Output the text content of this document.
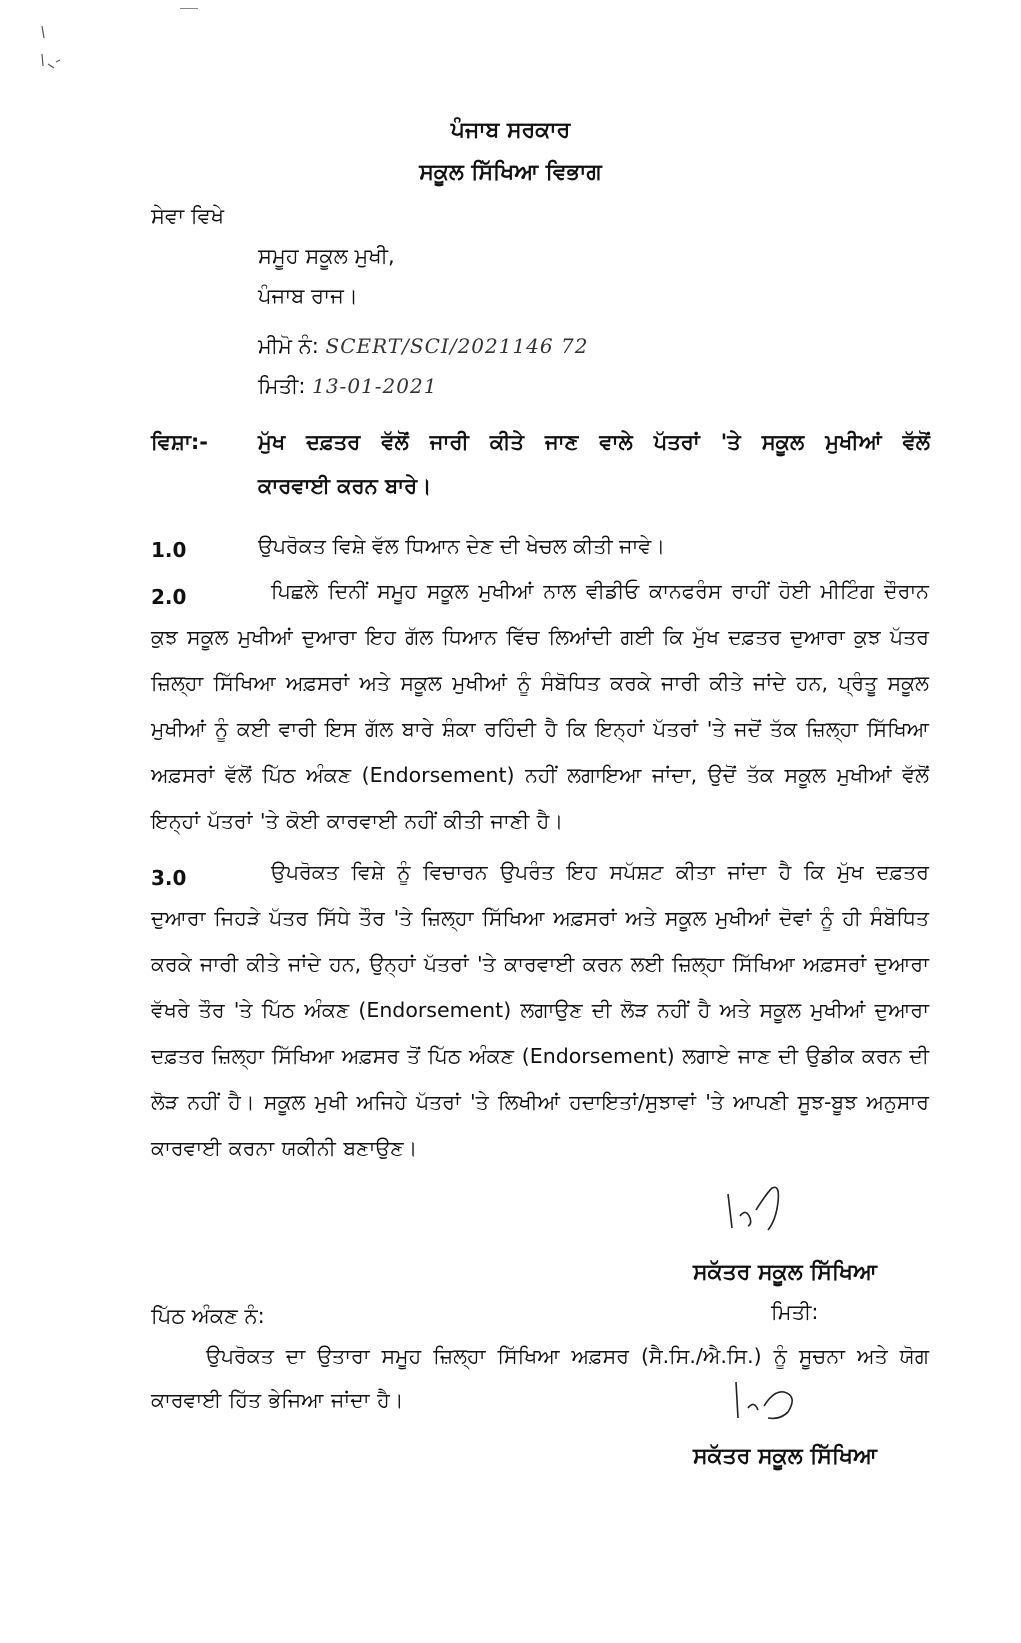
ਪੰਜਾਬ ਸਰਕਾਰ
ਸਕੂਲ ਸਿੱਖਿਆ ਵਿਭਾਗ
ਸੇਵਾ ਵਿਖੇ
ਸਮੂਹ ਸਕੂਲ ਮੁਖੀ,
ਪੰਜਾਬ ਰਾਜ।
ਮੀਮੋ ਨੰ: SCERT/SCI/2021146 72
ਮਿਤੀ: 13-01-2021
ਵਿਸ਼ਾ:- ਮੁੱਖ ਦਫ਼ਤਰ ਵੱਲੋਂ ਜਾਰੀ ਕੀਤੇ ਜਾਣ ਵਾਲੇ ਪੱਤਰਾਂ 'ਤੇ ਸਕੂਲ ਮੁਖੀਆਂ ਵੱਲੋਂ
ਕਾਰਵਾਈ ਕਰਨ ਬਾਰੇ।
1.0	ਉਪਰੋਕਤ ਵਿਸ਼ੇ ਵੱਲ ਧਿਆਨ ਦੇਣ ਦੀ ਖੇਚਲ ਕੀਤੀ ਜਾਵੇ।
2.0	ਪਿਛਲੇ ਦਿਨੀਂ ਸਮੂਹ ਸਕੂਲ ਮੁਖੀਆਂ ਨਾਲ ਵੀਡੀਓ ਕਾਨਫਰੰਸ ਰਾਹੀਂ ਹੋਈ ਮੀਟਿੰਗ ਦੌਰਾਨ ਕੁਝ ਸਕੂਲ ਮੁਖੀਆਂ ਦੁਆਰਾ ਇਹ ਗੱਲ ਧਿਆਨ ਵਿੱਚ ਲਿਆਂਦੀ ਗਈ ਕਿ ਮੁੱਖ ਦਫ਼ਤਰ ਦੁਆਰਾ ਕੁਝ ਪੱਤਰ ਜ਼ਿਲ੍ਹਾ ਸਿੱਖਿਆ ਅਫ਼ਸਰਾਂ ਅਤੇ ਸਕੂਲ ਮੁਖੀਆਂ ਨੂੰ ਸੰਬੋਧਿਤ ਕਰਕੇ ਜਾਰੀ ਕੀਤੇ ਜਾਂਦੇ ਹਨ, ਪ੍ਰੰਤੂ ਸਕੂਲ ਮੁਖੀਆਂ ਨੂੰ ਕਈ ਵਾਰੀ ਇਸ ਗੱਲ ਬਾਰੇ ਸ਼ੰਕਾ ਰਹਿੰਦੀ ਹੈ ਕਿ ਇਨ੍ਹਾਂ ਪੱਤਰਾਂ 'ਤੇ ਜਦੋਂ ਤੱਕ ਜ਼ਿਲ੍ਹਾ ਸਿੱਖਿਆ ਅਫ਼ਸਰਾਂ ਵੱਲੋਂ ਪਿੱਠ ਅੰਕਣ (Endorsement) ਨਹੀਂ ਲਗਾਇਆ ਜਾਂਦਾ, ਉਦੋਂ ਤੱਕ ਸਕੂਲ ਮੁਖੀਆਂ ਵੱਲੋਂ ਇਨ੍ਹਾਂ ਪੱਤਰਾਂ 'ਤੇ ਕੋਈ ਕਾਰਵਾਈ ਨਹੀਂ ਕੀਤੀ ਜਾਣੀ ਹੈ।
3.0	ਉਪਰੋਕਤ ਵਿਸ਼ੇ ਨੂੰ ਵਿਚਾਰਨ ਉਪਰੰਤ ਇਹ ਸਪੱਸ਼ਟ ਕੀਤਾ ਜਾਂਦਾ ਹੈ ਕਿ ਮੁੱਖ ਦਫ਼ਤਰ ਦੁਆਰਾ ਜਿਹੜੇ ਪੱਤਰ ਸਿੱਧੇ ਤੌਰ 'ਤੇ ਜ਼ਿਲ੍ਹਾ ਸਿੱਖਿਆ ਅਫ਼ਸਰਾਂ ਅਤੇ ਸਕੂਲ ਮੁਖੀਆਂ ਦੋਵਾਂ ਨੂੰ ਹੀ ਸੰਬੋਧਿਤ ਕਰਕੇ ਜਾਰੀ ਕੀਤੇ ਜਾਂਦੇ ਹਨ, ਉਨ੍ਹਾਂ ਪੱਤਰਾਂ 'ਤੇ ਕਾਰਵਾਈ ਕਰਨ ਲਈ ਜ਼ਿਲ੍ਹਾ ਸਿੱਖਿਆ ਅਫ਼ਸਰਾਂ ਦੁਆਰਾ ਵੱਖਰੇ ਤੌਰ 'ਤੇ ਪਿੱਠ ਅੰਕਣ (Endorsement) ਲਗਾਉਣ ਦੀ ਲੋੜ ਨਹੀਂ ਹੈ ਅਤੇ ਸਕੂਲ ਮੁਖੀਆਂ ਦੁਆਰਾ ਦਫ਼ਤਰ ਜ਼ਿਲ੍ਹਾ ਸਿੱਖਿਆ ਅਫ਼ਸਰ ਤੋਂ ਪਿੱਠ ਅੰਕਣ (Endorsement) ਲਗਾਏ ਜਾਣ ਦੀ ਉਡੀਕ ਕਰਨ ਦੀ ਲੋੜ ਨਹੀਂ ਹੈ। ਸਕੂਲ ਮੁਖੀ ਅਜਿਹੇ ਪੱਤਰਾਂ 'ਤੇ ਲਿਖੀਆਂ ਹਦਾਇਤਾਂ/ਸੁਝਾਵਾਂ 'ਤੇ ਆਪਣੀ ਸੂਝ-ਬੂਝ ਅਨੁਸਾਰ ਕਾਰਵਾਈ ਕਰਨਾ ਯਕੀਨੀ ਬਣਾਉਣ।
ਸਕੱਤਰ ਸਕੂਲ ਸਿੱਖਿਆ
ਪਿੱਠ ਅੰਕਣ ਨੰ:	ਮਿਤੀ:
ਉਪਰੋਕਤ ਦਾ ਉਤਾਰਾ ਸਮੂਹ ਜ਼ਿਲ੍ਹਾ ਸਿੱਖਿਆ ਅਫ਼ਸਰ (ਸੈ.ਸਿ./ਐ.ਸਿ.) ਨੂੰ ਸੂਚਨਾ ਅਤੇ ਯੋਗ ਕਾਰਵਾਈ ਹਿੱਤ ਭੇਜਿਆ ਜਾਂਦਾ ਹੈ।
ਸਕੱਤਰ ਸਕੂਲ ਸਿੱਖਿਆ
